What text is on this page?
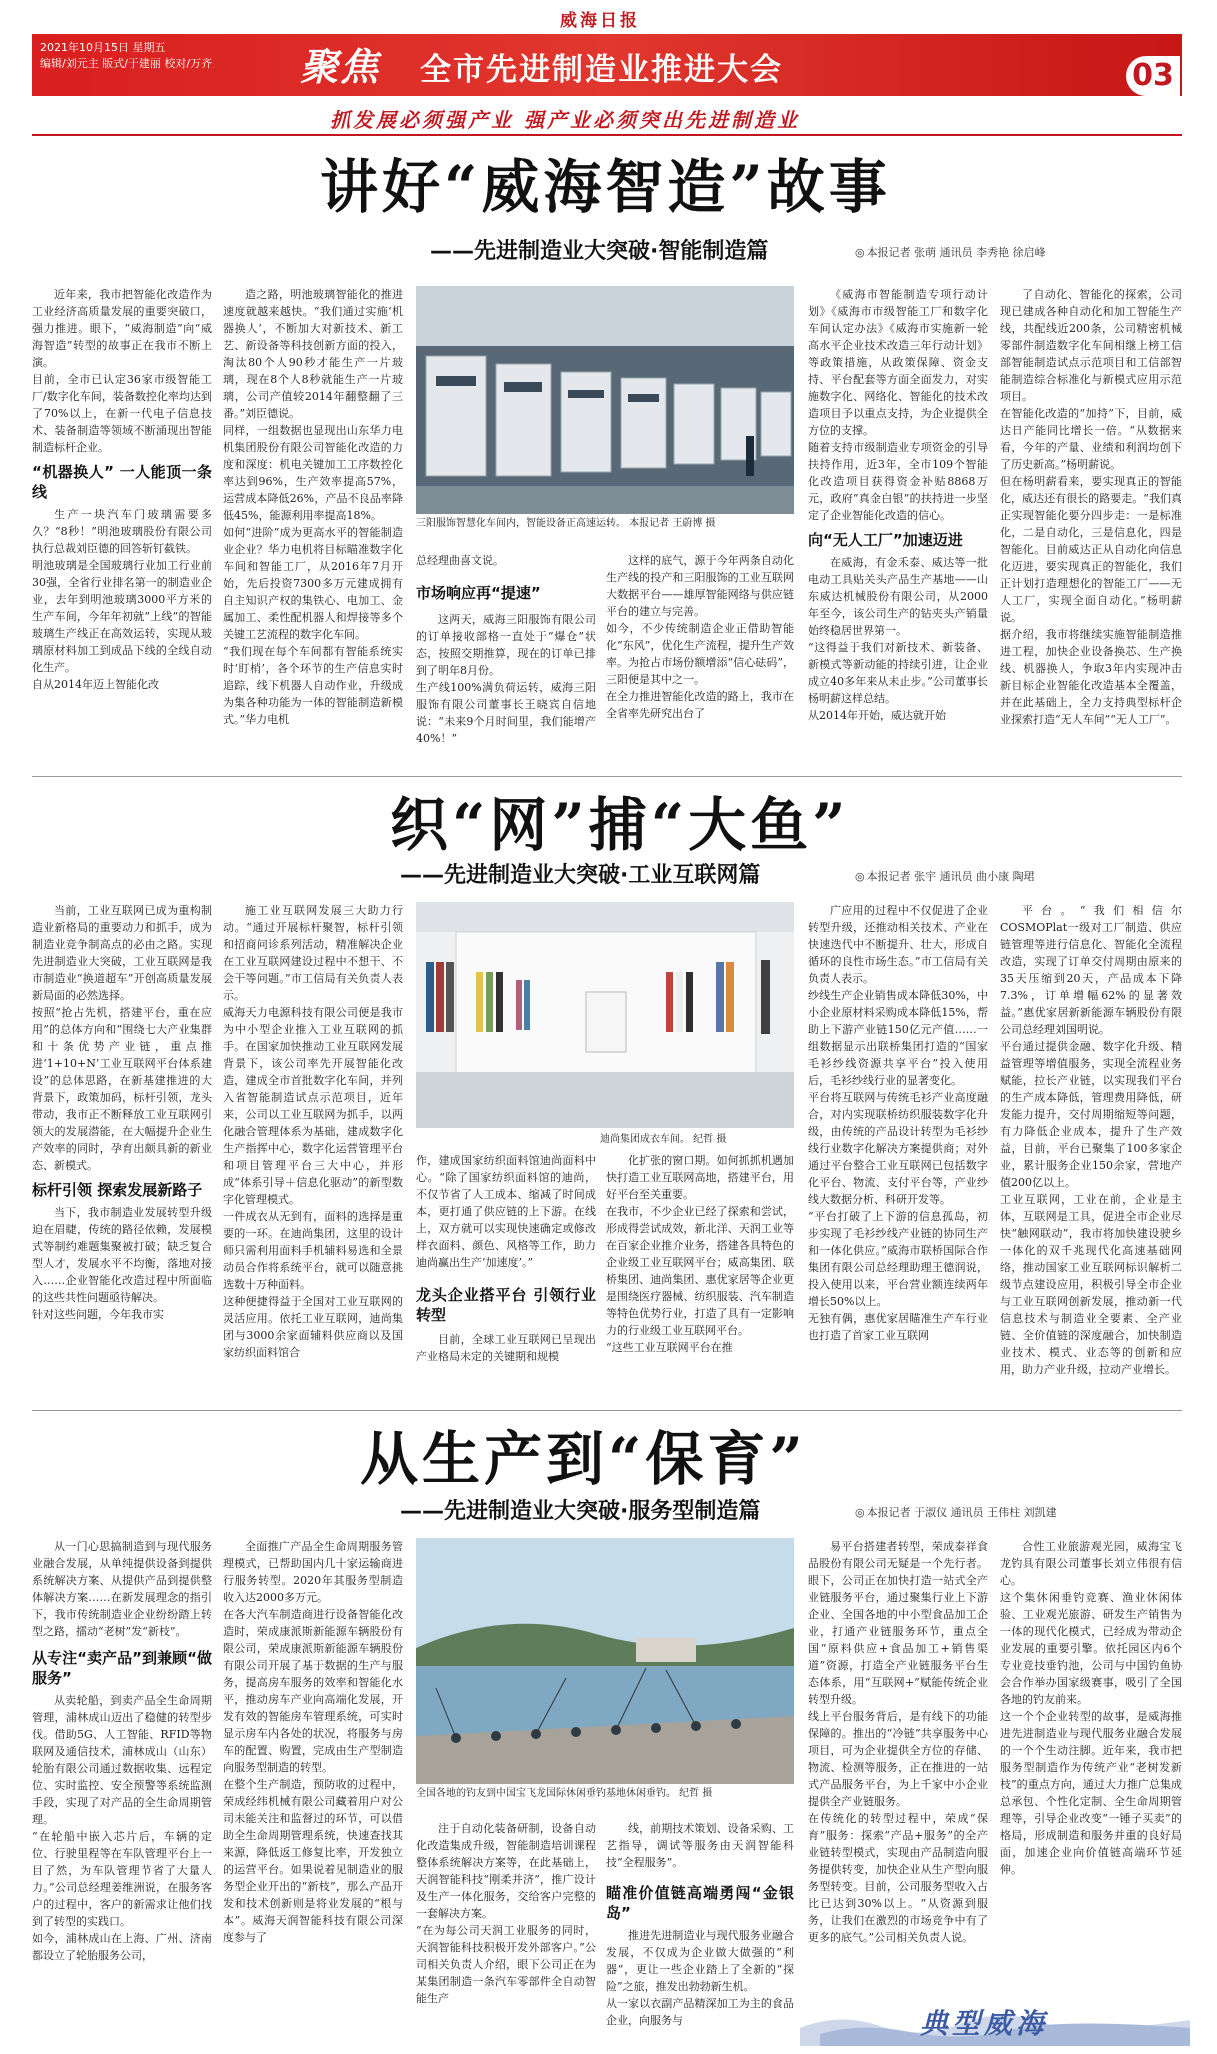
威海日报
2021年10月15日 星期五
编辑/刘元主 版式/于建丽 校对/万齐 聚焦 全市先进制造业推进大会	03
抓发展必须强产业 强产业必须突出先进制造业
讲好“威海智造”故事
——先进制造业大突破·智能制造篇	◎ 本报记者 张萌 通讯员 李秀艳 徐启峰
近年来，我市把智能化改造作为工业经济高质量发展的重要突破口，强力推进。眼下，“威海制造”向“威海智造”转型的故事正在我市不断上演。
目前，全市已认定36家市级智能工厂/数字化车间，装备数控化率均达到了70%以上，在新一代电子信息技术、装备制造等领域不断涌现出智能制造标杆企业。
“机器换人” 一人能顶一条线
生产一块汽车门玻璃需要多久？“8秒！”明池玻璃股份有限公司执行总裁刘臣德的回答斩钉截铁。
明池玻璃是全国玻璃行业加工行业前30强，全省行业排名第一的制造业企业，去年到明池玻璃3000平方米的生产车间，今年年初就“上线”的智能玻璃生产线正在高效运转，实现从玻璃原材料加工到成品下线的全线自动化生产。
自从2014年迈上智能化改
造之路，明池玻璃智能化的推进速度就越来越快。“我们通过实施‘机器换人’，不断加大对新技术、新工艺、新设备等科技创新方面的投入，淘汰80个人90秒才能生产一片玻璃，现在8个人8秒就能生产一片玻璃，公司产值较2014年翻整翻了三番。”刘臣德说。
同样，一组数据也显现出山东华力电机集团股份有限公司智能化改造的力度和深度：机电关键加工工序数控化率达到96%，生产效率提高57%，运营成本降低26%，产品不良品率降低45%，能源利用率提高18%。
如何“进阶”成为更高水平的智能制造业企业？华力电机将目标瞄准数字化车间和智能工厂，从2016年7月开始，先后投资7300多万元建成拥有自主知识产权的集铁心、电加工、金属加工、柔性配机器人和焊接等多个关键工艺流程的数字化车间。
“我们现在每个车间都有智能系统实时‘盯梢’，各个环节的生产信息实时追踪，线下机器人自动作业，升级成为集各种功能为一体的智能制造新模式。”华力电机
三阳服饰智慧化车间内，智能设备正高速运转。 本报记者 王蔚博 摄
总经理曲喜文说。
市场响应再“提速”
这两天，威海三阳服饰有限公司的订单接收部格一直处于“爆仓”状态，按照交期推算，现在的订单已排到了明年8月份。
生产线100%满负荷运转，威海三阳服饰有限公司董事长王晓宾自信地说：“未来9个月时间里，我们能增产40%！”
这样的底气，源于今年两条自动化生产线的投产和三阳服饰的工业互联网大数据平台——雄厚智能网络与供应链平台的建立与完善。
如今，不少传统制造企业正借助智能化“东风”，优化生产流程，提升生产效率。为抢占市场份额增添“信心砝码”，三阳便是其中之一。
在全力推进智能化改造的路上，我市在全省率先研究出台了
《威海市智能制造专项行动计划》《威海市市级智能工厂和数字化车间认定办法》《威海市实施新一轮高水平企业技术改造三年行动计划》等政策措施，从政策保障、资金支持、平台配套等方面全面发力，对实施数字化、网络化、智能化的技术改造项目予以重点支持，为企业提供全方位的支撑。
随着支持市级制造业专项资金的引导扶持作用，近3年，全市109个智能化改造项目获得资金补贴8868万元，政府“真金白银”的扶持进一步坚定了企业智能化改造的信心。
向“无人工厂”加速迈进
在威海，有金禾泰、威达等一批电动工具贴关头产品生产基地——山东威达机械股份有限公司，从2000年至今，该公司生产的钻夹头产销量始终稳居世界第一。
“这得益于我们对新技术、新装备、新模式等新动能的持续引进，让企业成立40多年来从未止步。”公司董事长杨明薪这样总结。
从2014年开始，威达就开始
了自动化、智能化的探索，公司现已建成各种自动化和加工智能生产线，共配线近200条，公司精密机械零部件制造数字化车间相继上榜工信部智能制造试点示范项目和工信部智能制造综合标准化与新模式应用示范项目。
在智能化改造的“加持”下，目前，威达日产能同比增长一倍。“从数据来看，今年的产量、业绩和利润均创下了历史新高。”杨明薪说。
但在杨明薪看来，要实现真正的智能化，威达还有很长的路要走。“我们真正实现智能化要分四步走：一是标准化，二是自动化，三是信息化，四是智能化。目前威达正从自动化向信息化迈进，要实现真正的智能化，我们正计划打造理想化的智能工厂——无人工厂，实现全面自动化。”杨明薪说。
据介绍，我市将继续实施智能制造推进工程，加快企业设备换芯、生产换线、机器换人，争取3年内实现冲击新目标企业智能化改造基本全覆盖，并在此基础上，全力支持典型标杆企业探索打造“无人车间”“无人工厂”。
织“网”捕“大鱼”
——先进制造业大突破·工业互联网篇	◎ 本报记者 张宇 通讯员 曲小康 陶珺
当前，工业互联网已成为重构制造业新格局的重要动力和抓手，成为制造业竞争制高点的必由之路。实现先进制造业大突破，工业互联网是我市制造业“换道超车”开创高质量发展新局面的必然选择。
按照“抢占先机，搭建平台，重在应用”的总体方向和“围绕七大产业集群和十条优势产业链，重点推进‘1+10+N’工业互联网平台体系建设”的总体思路，在新基建推进的大背景下，政策加码，标杆引领，龙头带动，我市正不断释放工业互联网引领大的发展潜能，在大幅提升企业生产效率的同时，孕育出颇具新的新业态、新模式。
标杆引领 探索发展新路子
当下，我市制造业发展转型升级迫在眉睫，传统的路径依赖，发展模式等制约难题集聚被打破；缺乏复合型人才，发展水平不均衡，落地对接入……企业智能化改造过程中所面临的这些共性问题亟待解决。
针对这些问题，今年我市实
施工业互联网发展三大助力行动。“通过开展标杆聚智，标杆引领和招商问诊系列活动，精准解决企业在工业互联网建设过程中不想干、不会干等问题。”市工信局有关负责人表示。
威海天力电源科技有限公司便是我市为中小型企业推入工业互联网的抓手。在国家加快推动工业互联网发展背景下，该公司率先开展智能化改造，建成全市首批数字化车间，并列入省智能制造试点示范项目，近年来，公司以工业互联网为抓手，以两化融合管理体系为基础，建成数字化生产指挥中心，数字化运营管理平台和项目管理平台三大中心，并形成“体系引导＋信息化驱动”的新型数字化管理模式。
一件成衣从无到有，面料的选择是重要的一环。在迪尚集团，这里的设计师只需利用面料手机辅料易选和全景动员合作将系统平台，就可以随意挑选数十万种面料。
这种便捷得益于全国对工业互联网的灵活应用。依托工业互联网，迪尚集团与3000余家面辅料供应商以及国家纺织面料馆合
迪尚集团成衣车间。 纪哲 摄
作，建成国家纺织面料馆迪尚面料中心。“除了国家纺织面料馆的迪尚，不仅节省了人工成本、缩减了时间成本，更打通了供应链的上下游。在线上，双方就可以实现快速确定或修改样衣面料、颜色、风格等工作，助力迪尚赢出生产‘加速度’。”
龙头企业搭平台 引领行业转型
目前，全球工业互联网已呈现出产业格局未定的关键期和规模
化扩张的窗口期。如何抓抓机遇加快打造工业互联网高地，搭建平台，用好平台至关重要。
在我市，不少企业已经了探索和尝试，形成得尝试成效，新北洋、天润工业等在百家企业推介业务，搭建各具特色的企业级工业互联网平台；威高集团、联桥集团、迪尚集团、惠优家居等企业更是围绕医疗器械、纺织服装、汽车制造等特色优势行业，打造了具有一定影响力的行业级工业互联网平台。
“这些工业互联网平台在推
广应用的过程中不仅促进了企业转型升级，还推动相关技术、产业在快速迭代中不断提升、壮大，形成自循环的良性市场生态。”市工信局有关负责人表示。
纱线生产企业销售成本降低30%，中小企业原材料采购成本降低15%，帮助上下游产业链150亿元产值……一组数据显示出联桥集团打造的“国家毛衫纱线资源共享平台”投入使用后，毛衫纱线行业的显著变化。
平台将互联网与传统毛衫产业高度融合，对内实现联桥纺织服装数字化升级，由传统的产品设计转型为毛衫纱线行业数字化解决方案提供商；对外通过平台整合工业互联网已包括数字化平台、物流、支付平台等，产业纱线大数据分析、科研开发等。
“平台打破了上下游的信息孤岛，初步实现了毛衫纱线产业链的协同生产和一体化供应。”威海市联桥国际合作集团有限公司总经理助理王德润说，投入使用以来，平台营业额连续两年增长50%以上。
无独有偶，惠优家居瞄准生产车行业也打造了首家工业互联网
平台。“我们相信尔COSMOPlat一级对工厂制造、供应链管理等进行信息化、智能化全流程改造，实现了订单交付周期由原来的35天压缩到20天，产品成本下降7.3%，订单增幅62%的显著效益。”惠优家居新新能源车辆股份有限公司总经理刘国明说。
平台通过提供金融、数字化升级、精益管理等增值服务，实现全流程业务赋能，拉长产业链，以实现我们平台的生产成本降低，管理费用降低，研发能力提升，交付周期缩短等问题，有力降低企业成本，提升了生产效益，目前，平台已聚集了100多家企业，累计服务企业150余家，营地产值200亿以上。
工业互联网，工业在前，企业是主体，互联网是工具，促进全市企业尽快“触网联动”，我市将加快建设驶乡一体化的双千兆现代化高速基础网络，推动国家工业互联网标识解析二级节点建设应用，积极引导全市企业与工业互联网创新发展，推动新一代信息技术与制造业全要素、全产业链、全价值链的深度融合，加快制造业技术、模式、业态等的创新和应用，助力产业升级，拉动产业增长。
从生产到“保育”
——先进制造业大突破·服务型制造篇	◎ 本报记者 于淑仪 通讯员 王伟柱 刘凯建
从一门心思搞制造到与现代服务业融合发展，从单纯提供设备到提供系统解决方案、从提供产品到提供整体解决方案……在新发展理念的指引下，我市传统制造业企业纷纷踏上转型之路，擂动“老树”发“新枝”。
从专注“卖产品”到兼顾“做服务”
从卖轮船，到卖产品全生命周期管理，浦林成山迈出了稳健的转型步伐。借助5G、人工智能、RFID等物联网及通信技术，浦林成山（山东）轮胎有限公司通过数据收集、远程定位、实时监控、安全预警等系统监测手段，实现了对产品的全生命周期管理。
“在轮船中嵌入芯片后，车辆的定位、行驶里程等在车队管理平台上一目了然，为车队管理节省了大量人力。”公司总经理姜维洲说，在服务客户的过程中，客户的新需求让他们找到了转型的实践口。
如今，浦林成山在上海、广州、济南都设立了轮胎服务公司，
全面推广产品全生命周期服务管理模式，已帮助国内几十家运输商进行服务转型。2020年其服务型制造收入达2000多万元。
在各大汽车制造商进行设备智能化改造时，荣成康派斯新能源车辆股份有限公司，荣成康派斯新能源车辆股份有限公司开展了基于数据的生产与服务，提高房车服务的效率和智能化水平，推动房车产业向高端化发展，开发有效的智能房车管理系统，可实时显示房车内各处的状况，将服务与房车的配置、购置，完成由生产型制造向服务型制造的转型。
在整个生产制造，预防收的过程中，荣成经纬机械有限公司藏着用户对公司未能关注和监督过的环节，可以借助全生命周期管理系统，快速查找其来源，降低返工修复比率，开发独立的运营平台。如果说着见制造业的服务型企业开出的“新枝”，那么产品开发和技术创新则是将业发展的“根与本”。威海天润智能科技有限公司深度参与了
全国各地的钓友到中国宝飞龙国际休闲垂钓基地休闲垂钓。 纪哲 摄
注于自动化装备研制，设备自动化改造集成升级，智能制造培训课程整体系统解决方案等，在此基础上，天润智能科技“刚柔并济”，推广设计及生产一体化服务，交给客户完整的一套解决方案。
“在为每公司天润工业服务的同时，天润智能科技积极开发外部客户。”公司相关负责人介绍，眼下公司正在为某集团制造一条汽车零部件全自动智能生产
线，前期技术策划、设备采购、工艺指导，调试等服务由天润智能科技“全程服务”。
瞄准价值链高端勇闯“金银岛”
推进先进制造业与现代服务业融合发展，不仅成为企业做大做强的“利器”，更让一些企业踏上了全新的“探险”之旅，推发出勃勃新生机。
从一家以衣副产品精深加工为主的食品企业，向服务与
易平台搭建者转型，荣成泰祥食品股份有限公司无疑是一个先行者。眼下，公司正在加快打造一站式全产业链服务平台，通过聚集行业上下游企业、全国各地的中小型食品加工企业，打通产业链服务环节，重点全国“原料供应+食品加工+销售渠道”资源，打造全产业链服务平台生态体系，用“互联网+”赋能传统企业转型升级。
线上平台服务背后，是有线下的功能保障的。推出的“冷链”共享服务中心项目，可为企业提供全方位的存储、物流、检测等服务，正在推进的一站式产品服务平台，为上千家中小企业提供全产业链服务。
在传统化的转型过程中，荣成“保育”服务：探索“产品+服务”的全产业链转型模式，实现由产品制造向服务提供转变，加快企业从生产型向服务型转变。目前，公司服务型收入占比已达到30%以上。“从资源到服务，让我们在激烈的市场竞争中有了更多的底气。”公司相关负责人说。
合性工业旅游观光园，威海宝飞龙钓具有限公司董事长刘立伟很有信心。
这个集休闲垂钓竞赛、渔业休闲体验、工业观光旅游、研发生产销售为一体的现代化模式，已经成为带动企业发展的重要引擎。依托园区内6个专业竞技垂钓池，公司与中国钓鱼协会合作举办国家级赛事，吸引了全国各地的钓友前来。
这一个个企业转型的故事，是威海推进先进制造业与现代服务业融合发展的一个个生动注脚。近年来，我市把服务型制造作为传统产业“老树发新枝”的重点方向，通过大力推广总集成总承包、个性化定制、全生命周期管理等，引导企业改变“一锤子买卖”的格局，形成制造和服务并重的良好局面，加速企业向价值链高端环节延伸。
典型威海
